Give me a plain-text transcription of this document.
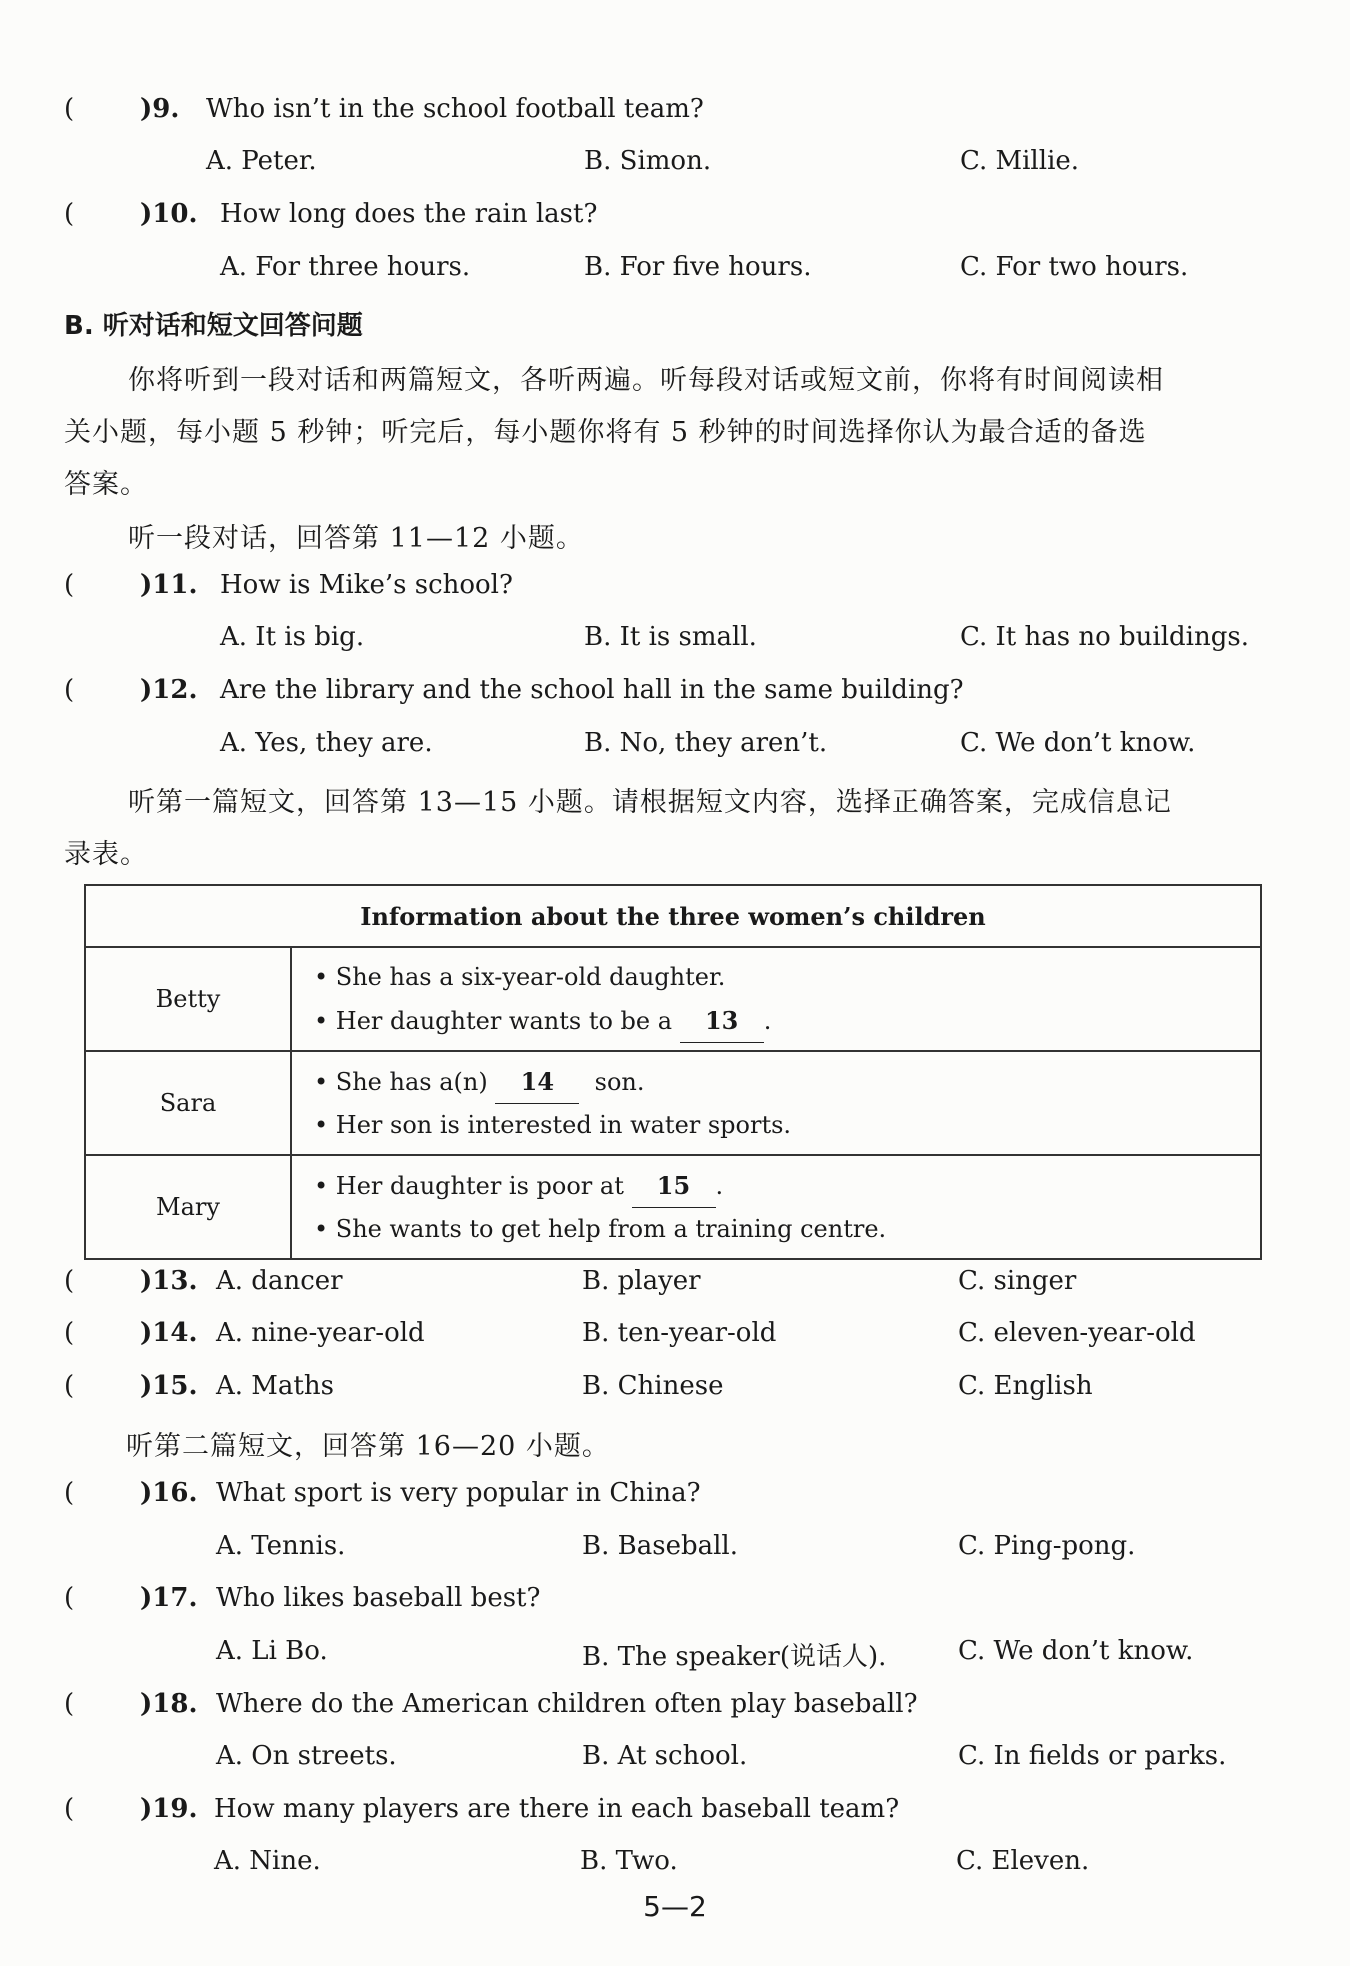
(	)9. Who isn’t in the school football team?
A. Peter.	B. Simon.	C. Millie.
(	)10. How long does the rain last?
A. For three hours.	B. For five hours.	C. For two hours.
B. 听对话和短文回答问题
你将听到一段对话和两篇短文，各听两遍。听每段对话或短文前，你将有时间阅读相
关小题，每小题 5 秒钟；听完后，每小题你将有 5 秒钟的时间选择你认为最合适的备选
答案。
听一段对话，回答第 11—12 小题。
(	)11. How is Mike’s school?
A. It is big.	B. It is small.	C. It has no buildings.
(	)12. Are the library and the school hall in the same building?
A. Yes, they are.	B. No, they aren’t.	C. We don’t know.
听第一篇短文，回答第 13—15 小题。请根据短文内容，选择正确答案，完成信息记
录表。
Information about the three women’s children	
Betty	• She has a six-year-old daughter.
• Her daughter wants to be a 13 .

Sara	• She has a(n) 14 son.
• Her son is interested in water sports.

Mary	• Her daughter is poor at 15 .
• She wants to get help from a training centre.
(	)13. A. dancer	B. player	C. singer
(	)14. A. nine-year-old	B. ten-year-old	C. eleven-year-old
(	)15. A. Maths	B. Chinese	C. English
听第二篇短文，回答第 16—20 小题。
(	)16. What sport is very popular in China?
A. Tennis.	B. Baseball.	C. Ping-pong.
(	)17. Who likes baseball best?
A. Li Bo.	B. The speaker(说话人).	C. We don’t know.
(	)18. Where do the American children often play baseball?
A. On streets.	B. At school.	C. In fields or parks.
(	)19. How many players are there in each baseball team?
A. Nine.	B. Two.	C. Eleven.
5—2
